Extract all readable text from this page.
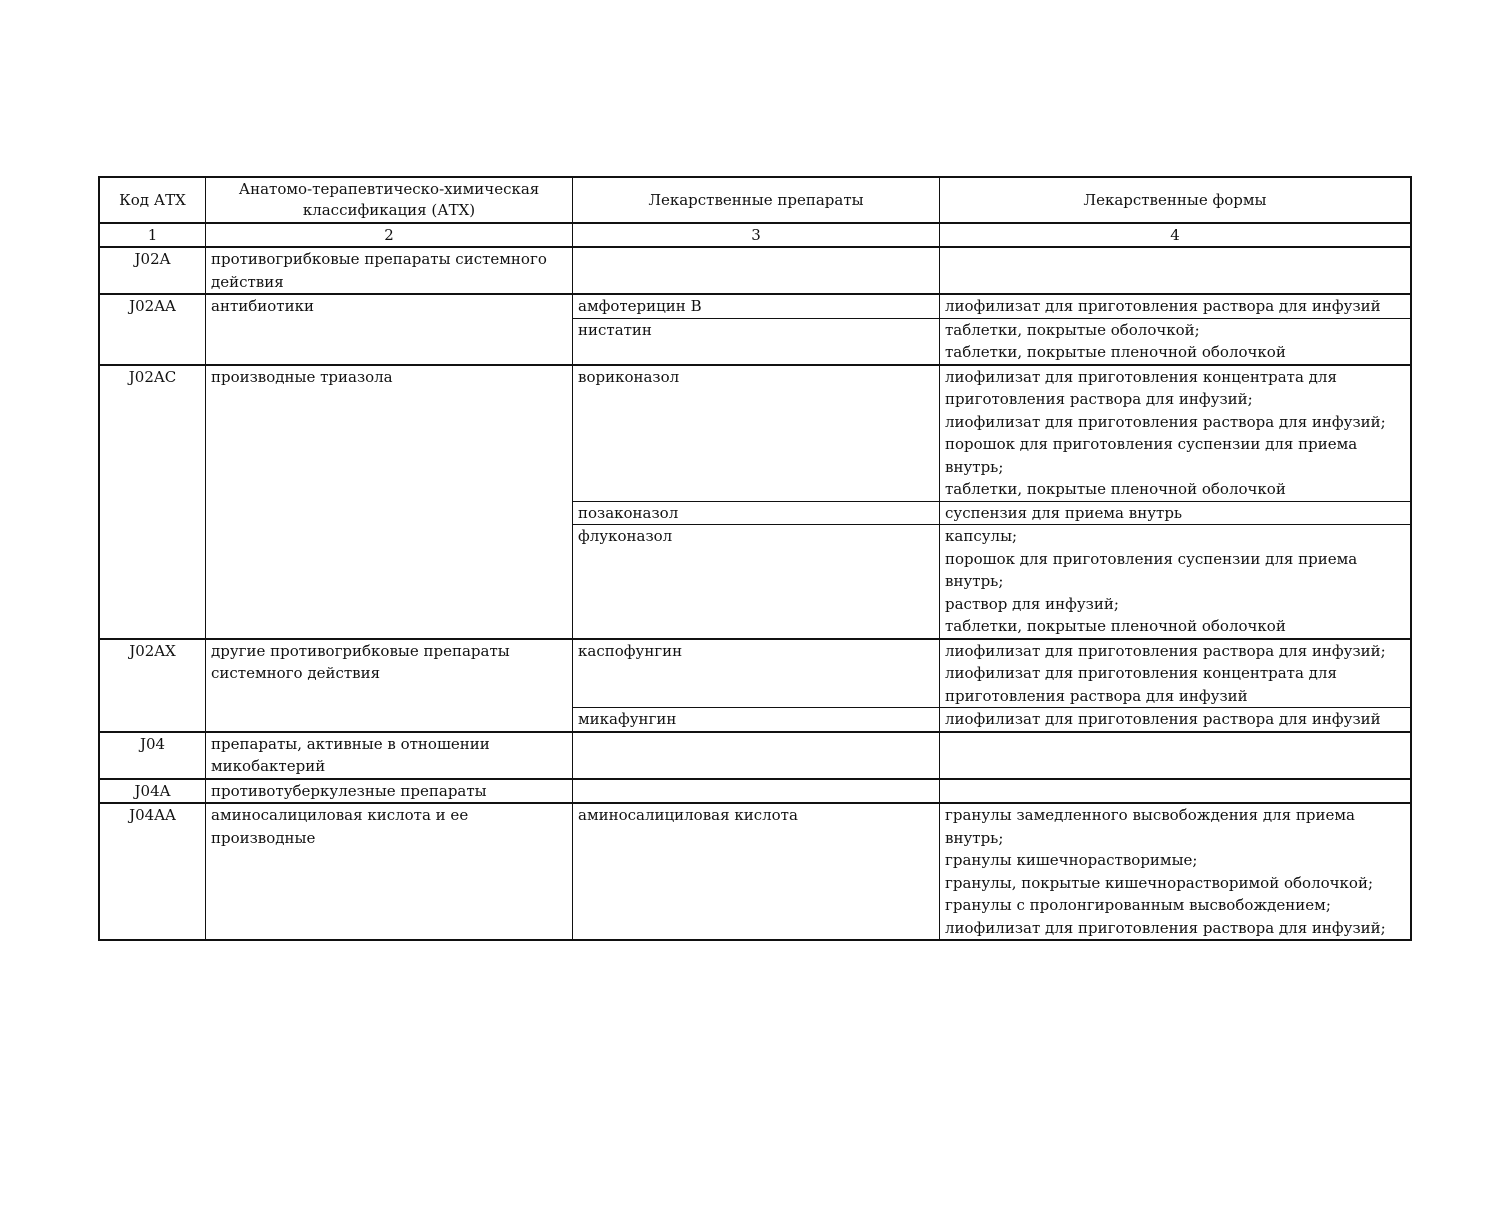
Код АТХ	Анатомо-терапевтическо-химическая классификация (АТХ)	Лекарственные препараты	Лекарственные формы
1	2	3	4
J02A	противогрибковые препараты системного действия		
J02AA	антибиотики	амфотерицин B	лиофилизат для приготовления раствора для инфузий

		нистатин	таблетки, покрытые оболочкой;
таблетки, покрытые пленочной оболочкой

J02AC	производные триазола	вориконазол	лиофилизат для приготовления концентрата для приготовления раствора для инфузий;
лиофилизат для приготовления раствора для инфузий;
порошок для приготовления суспензии для приема внутрь;
таблетки, покрытые пленочной оболочкой

		позаконазол	суспензия для приема внутрь

		флуконазол	капсулы;
порошок для приготовления суспензии для приема внутрь;
раствор для инфузий;
таблетки, покрытые пленочной оболочкой

J02AX	другие противогрибковые препараты системного действия	каспофунгин	лиофилизат для приготовления раствора для инфузий;
лиофилизат для приготовления концентрата для приготовления раствора для инфузий

		микафунгин	лиофилизат для приготовления раствора для инфузий

J04	препараты, активные в отношении микобактерий		
J04A	противотуберкулезные препараты		
J04AA	аминосалициловая кислота и ее производные	аминосалициловая кислота	гранулы замедленного высвобождения для приема внутрь;
гранулы кишечнорастворимые;
гранулы, покрытые кишечнорастворимой оболочкой;
гранулы с пролонгированным высвобождением;
лиофилизат для приготовления раствора для инфузий;
